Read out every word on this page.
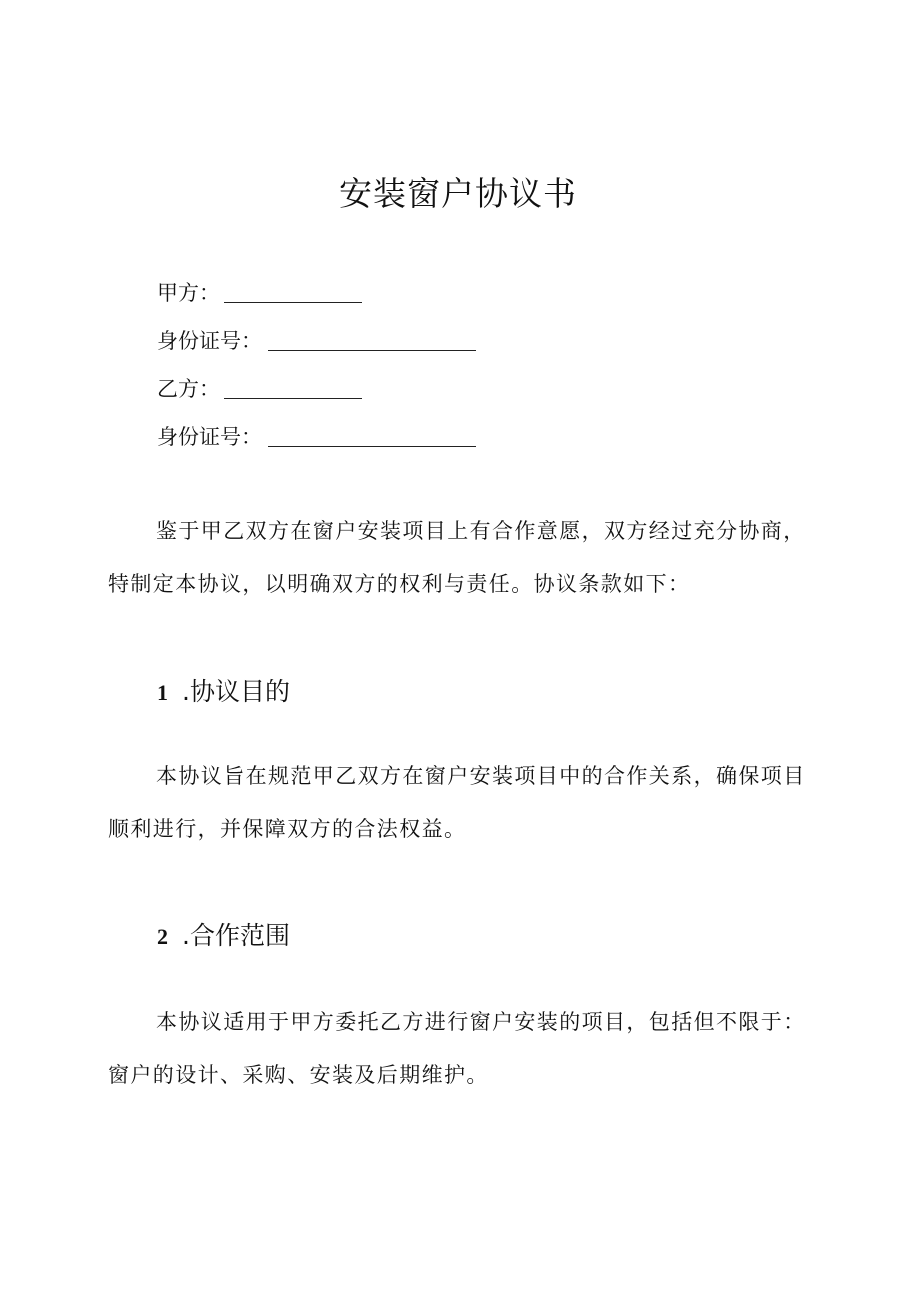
安装窗户协议书
甲方：
身份证号：
乙方：
身份证号：

鉴于甲乙双方在窗户安装项目上有合作意愿，双方经过充分协商，特制定本协议，以明确双方的权利与责任。协议条款如下：

1 .协议目的

本协议旨在规范甲乙双方在窗户安装项目中的合作关系，确保项目顺利进行，并保障双方的合法权益。

2 .合作范围

本协议适用于甲方委托乙方进行窗户安装的项目，包括但不限于：窗户的设计、采购、安装及后期维护。
